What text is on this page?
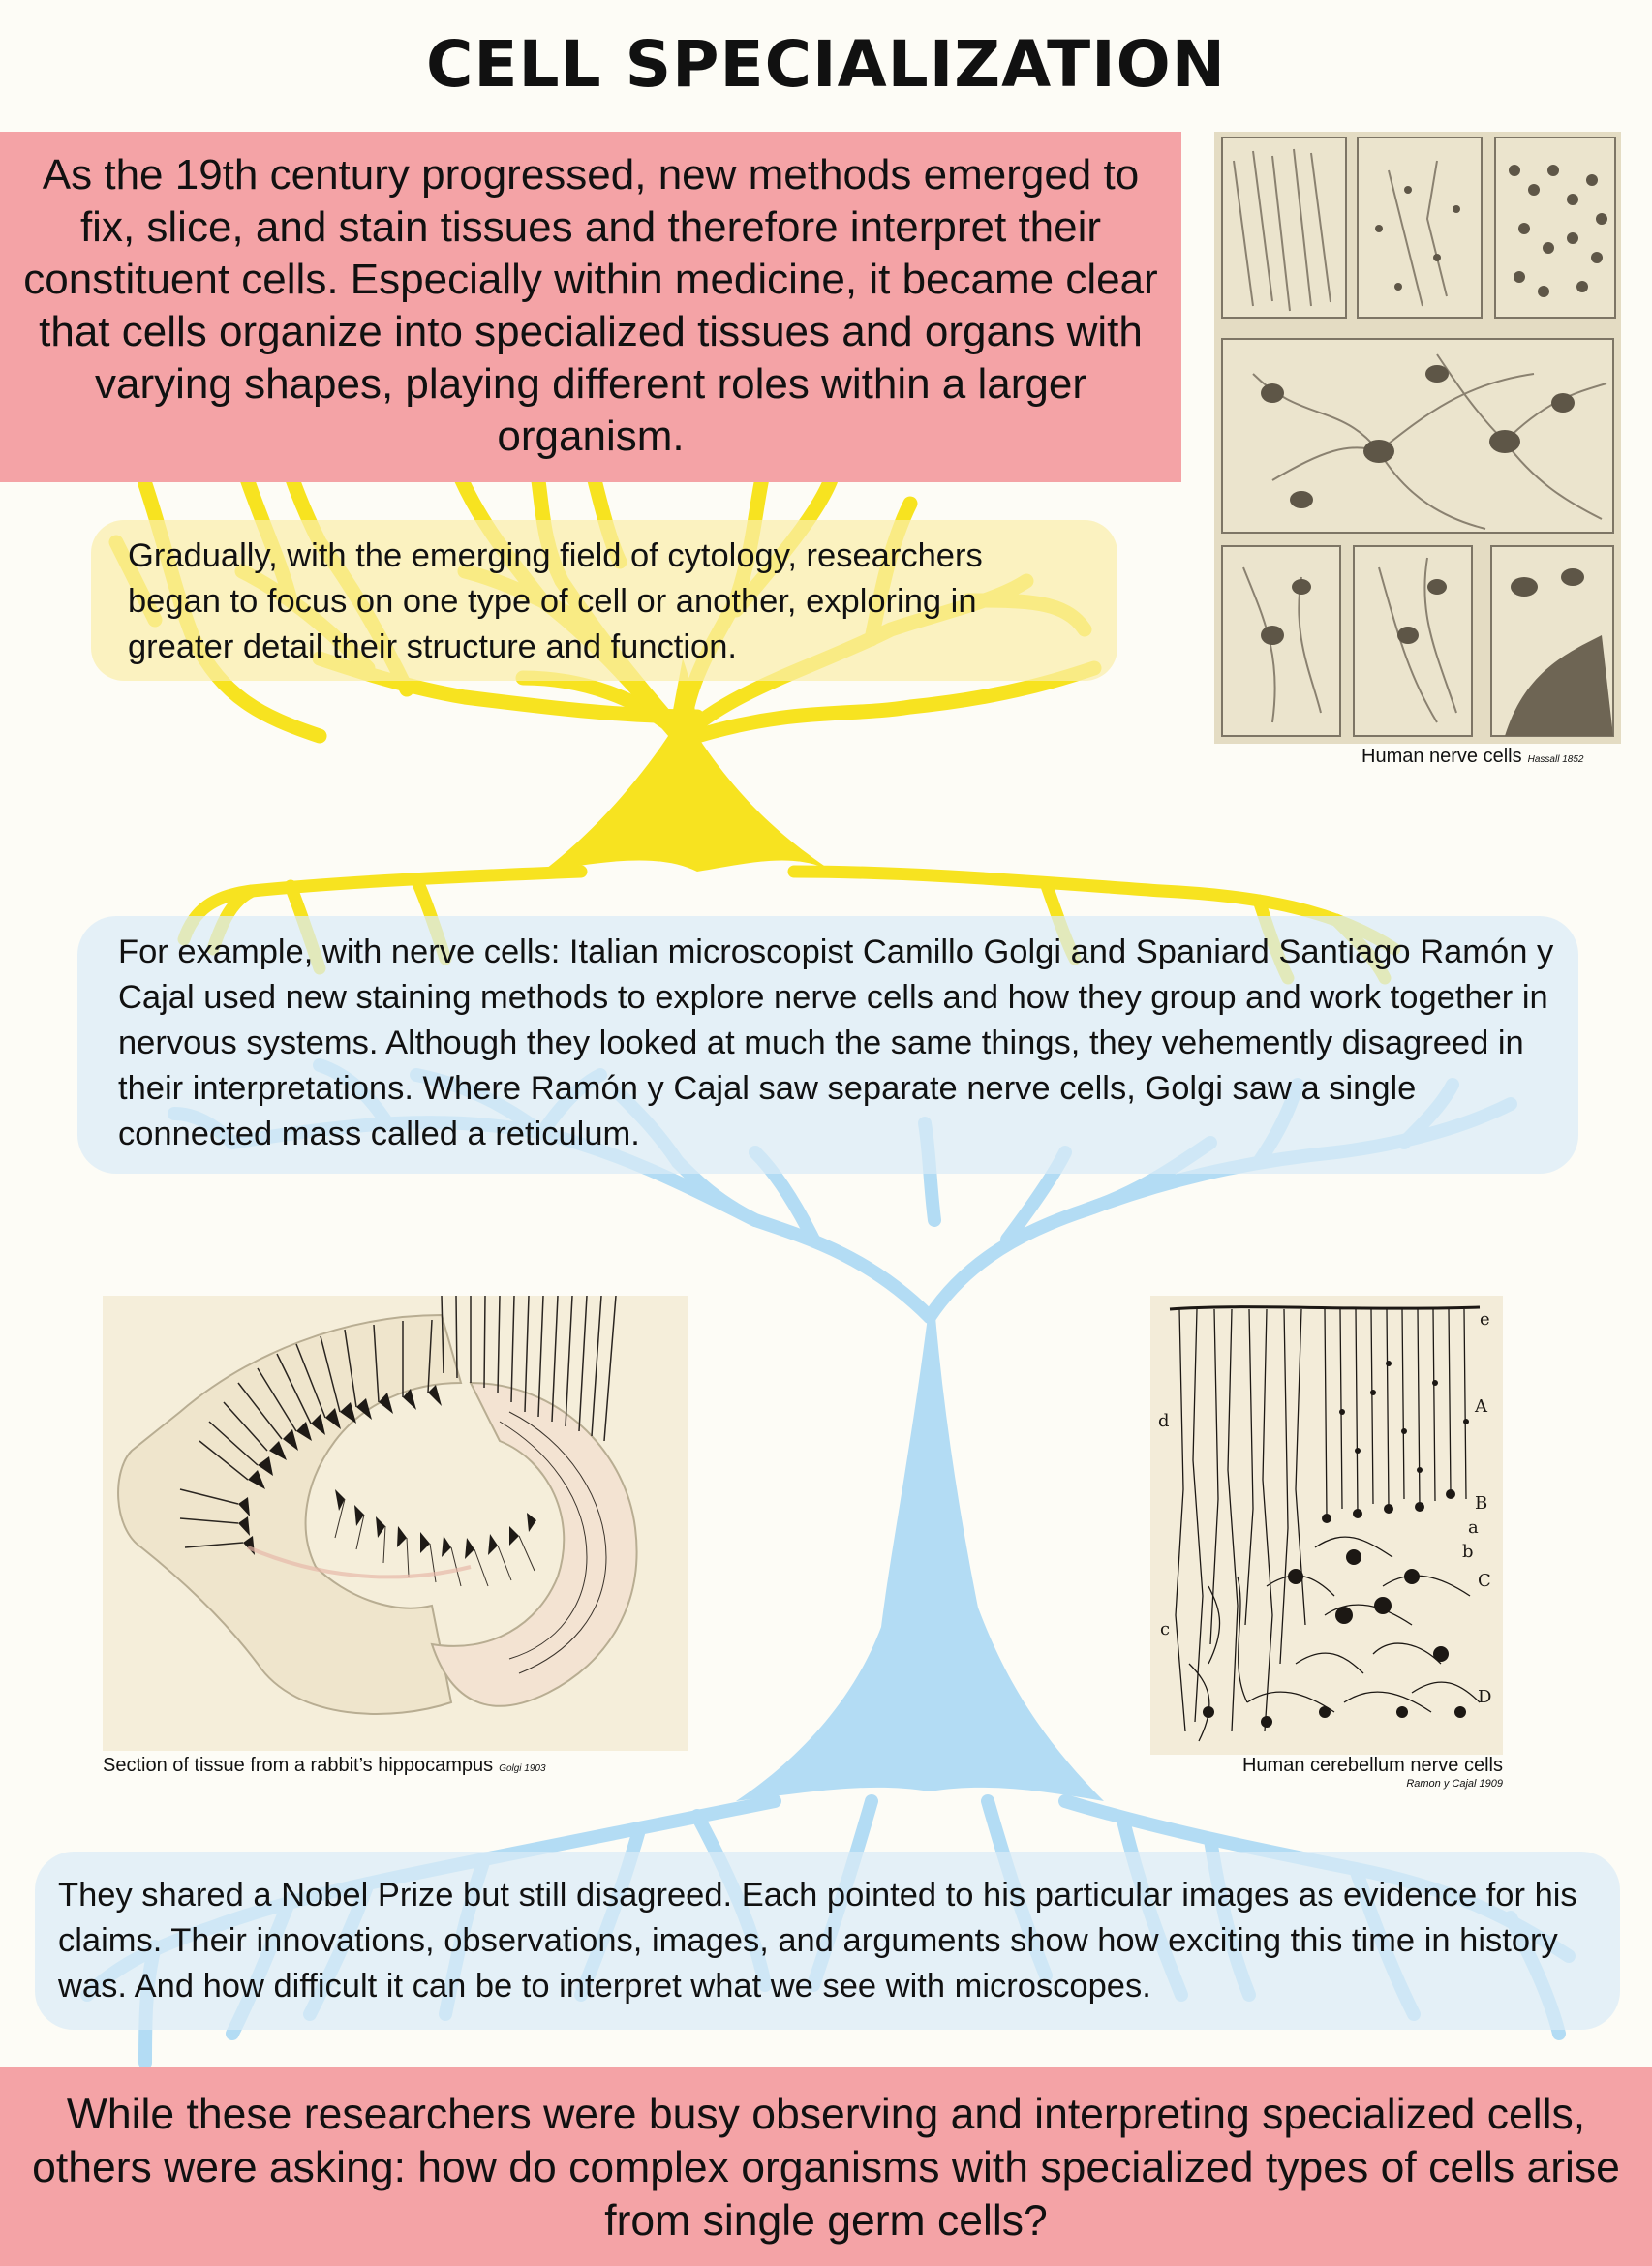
CELL SPECIALIZATION
As the 19th century progressed, new methods emerged to fix, slice, and stain tissues and therefore interpret their constituent cells. Especially within medicine, it became clear that cells organize into specialized tissues and organs with varying shapes, playing different roles within a larger organism.
Gradually, with the emerging field of cytology, researchers began to focus on one type of cell or another, exploring in greater detail their structure and function.
For example, with nerve cells: Italian microscopist Camillo Golgi and Spaniard Santiago Ramón y Cajal used new staining methods to explore nerve cells and how they group and work together in nervous systems. Although they looked at much the same things, they vehemently disagreed in their interpretations. Where Ramón y Cajal saw separate nerve cells, Golgi saw a single connected mass called a reticulum.
They shared a Nobel Prize but still disagreed. Each pointed to his particular images as evidence for his claims. Their innovations, observations, images, and arguments show how exciting this time in history was. And how difficult it can be to interpret what we see with microscopes.
While these researchers were busy observing and interpreting specialized cells, others were asking: how do complex organisms with specialized types of cells arise from single germ cells?
Human nerve cells Hassall 1852
Section of tissue from a rabbit’s hippocampus Golgi 1903
e
A
d
B
a
b
C
c
D
Human cerebellum nerve cells
Ramon y Cajal 1909
